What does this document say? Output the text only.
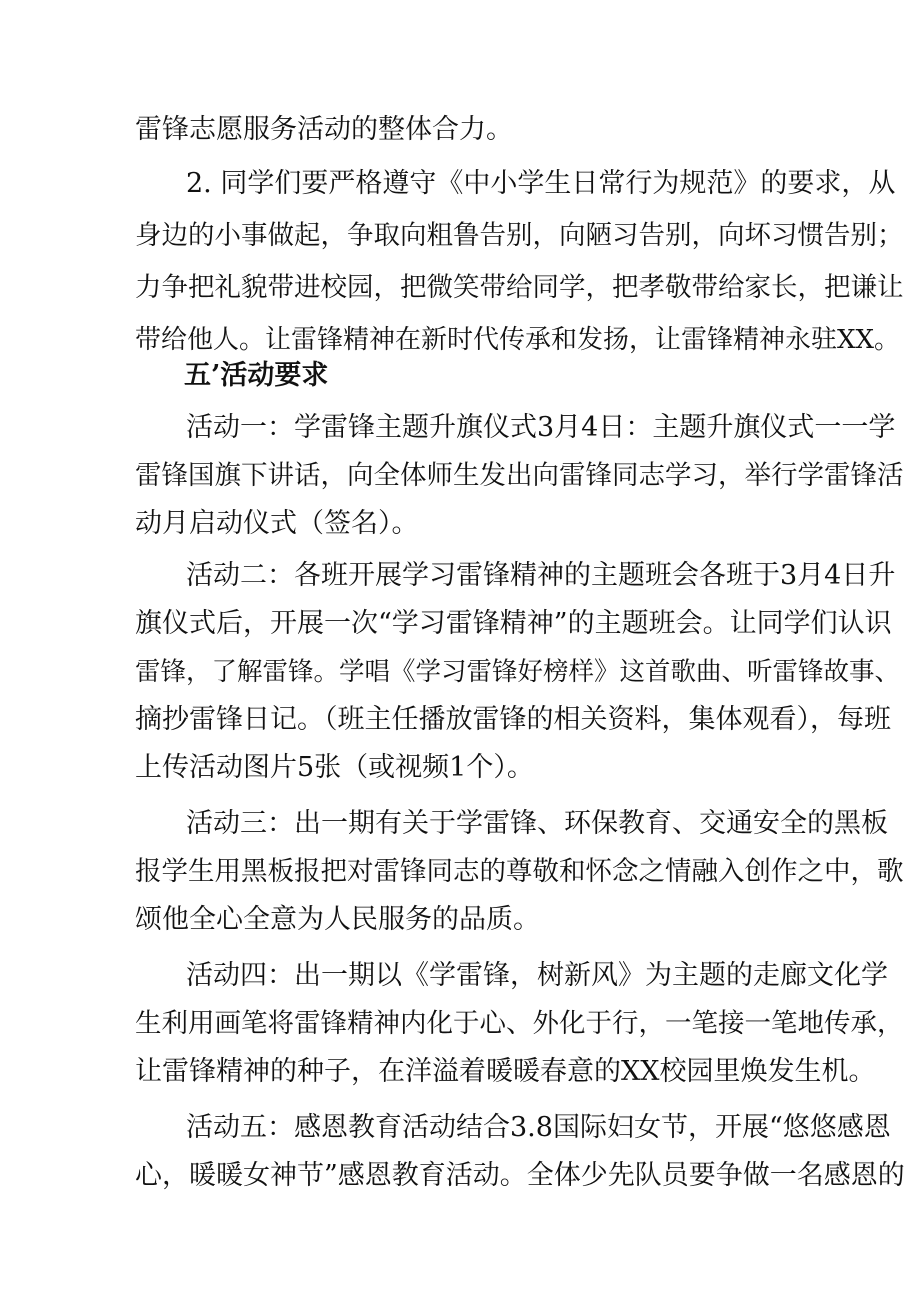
雷锋志愿服务活动的整体合力。
2. 同学们要严格遵守《中小学生日常行为规范》的要求，从
身边的小事做起，争取向粗鲁告别，向陋习告别，向坏习惯告别；
力争把礼貌带进校园，把微笑带给同学，把孝敬带给家长，把谦让
带给他人。让雷锋精神在新时代传承和发扬，让雷锋精神永驻XX。
五’活动要求
活动一：学雷锋主题升旗仪式3月4日：主题升旗仪式一一学
雷锋国旗下讲话，向全体师生发出向雷锋同志学习，举行学雷锋活
动月启动仪式（签名）。
活动二：各班开展学习雷锋精神的主题班会各班于3月4日升
旗仪式后，开展一次“学习雷锋精神”的主题班会。让同学们认识
雷锋，了解雷锋。学唱《学习雷锋好榜样》这首歌曲、听雷锋故事、
摘抄雷锋日记。（班主任播放雷锋的相关资料，集体观看），每班
上传活动图片5张（或视频1个）。
活动三：出一期有关于学雷锋、环保教育、交通安全的黑板
报学生用黑板报把对雷锋同志的尊敬和怀念之情融入创作之中，歌
颂他全心全意为人民服务的品质。
活动四：出一期以《学雷锋，树新风》为主题的走廊文化学
生利用画笔将雷锋精神内化于心、外化于行，一笔接一笔地传承，
让雷锋精神的种子，在洋溢着暖暖春意的XX校园里焕发生机。
活动五：感恩教育活动结合3.8国际妇女节，开展“悠悠感恩
心，暖暖女神节”感恩教育活动。全体少先队员要争做一名感恩的
